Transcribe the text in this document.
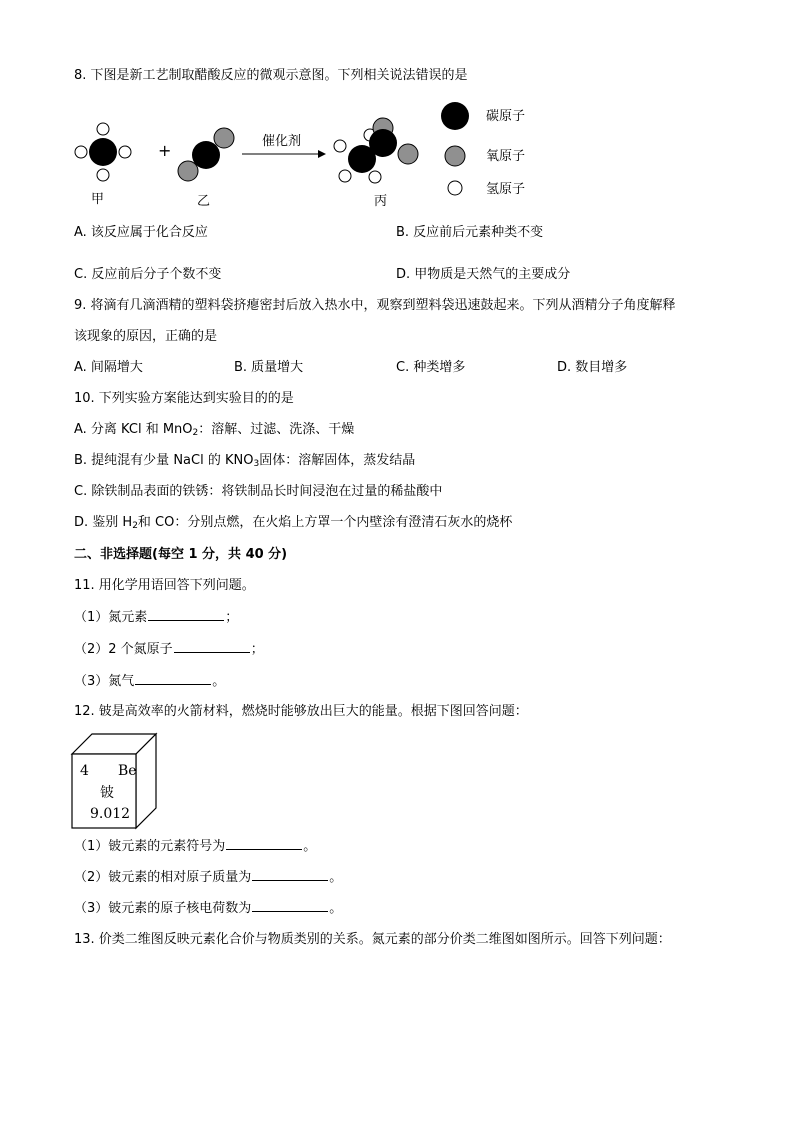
8. 下图是新工艺制取醋酸反应的微观示意图。下列相关说法错误的是
+	催化剂
甲	乙	丙
碳原子
氧原子
氢原子
A. 该反应属于化合反应	B. 反应前后元素种类不变
C. 反应前后分子个数不变	D. 甲物质是天然气的主要成分
9. 将滴有几滴酒精的塑料袋挤瘪密封后放入热水中，观察到塑料袋迅速鼓起来。下列从酒精分子角度解释
该现象的原因，正确的是
A. 间隔增大	B. 质量增大	C. 种类增多	D. 数目增多
10. 下列实验方案能达到实验目的的是
A. 分离 KCl 和 MnO$_2$：溶解、过滤、洗涤、干燥
B. 提纯混有少量 NaCl 的 $KNO_3$固体：溶解固体，蒸发结晶
C. 除铁制品表面的铁锈：将铁制品长时间浸泡在过量的稀盐酸中
D. 鉴别 $H_2$和 CO：分别点燃，在火焰上方罩一个内壁涂有澄清石灰水的烧杯
二、非选择题(每空 1 分，共 40 分)
11. 用化学用语回答下列问题。
（1）氮元素	；
（2）2 个氮原子	；
（3）氮气	。
12. 铍是高效率的火箭材料，燃烧时能够放出巨大的能量。根据下图回答问题：
4 Be
铍
9.012
（1）铍元素的元素符号为	。
（2）铍元素的相对原子质量为	。
（3）铍元素的原子核电荷数为	。
13. 价类二维图反映元素化合价与物质类别的关系。氮元素的部分价类二维图如图所示。回答下列问题：
